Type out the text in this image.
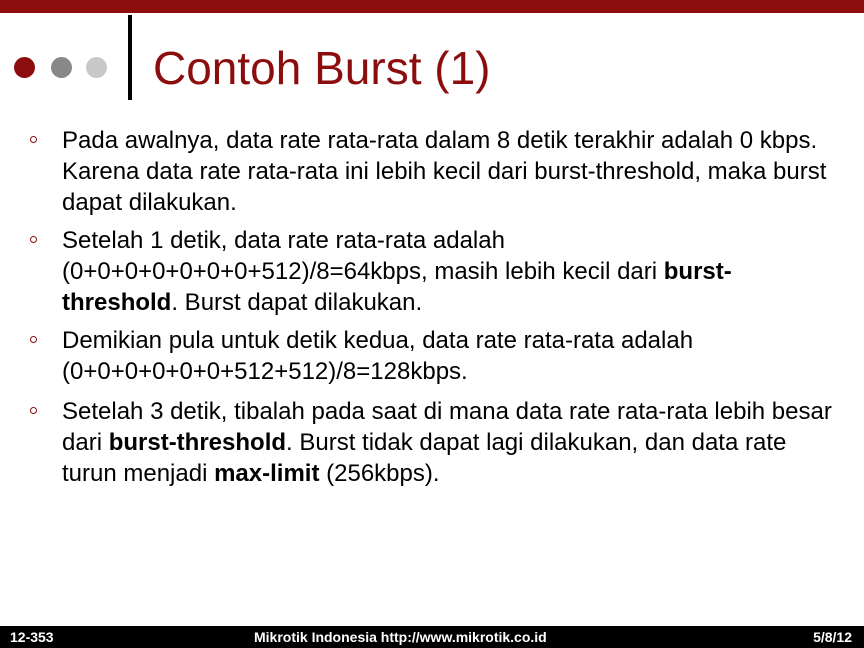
Contoh Burst (1)
Pada awalnya, data rate rata-rata dalam 8 detik terakhir adalah 0 kbps. Karena data rate rata-rata ini lebih kecil dari burst-threshold, maka burst dapat dilakukan.
Setelah 1 detik, data rate rata-rata adalah (0+0+0+0+0+0+0+512)/8=64kbps, masih lebih kecil dari burst-threshold. Burst dapat dilakukan.
Demikian pula untuk detik kedua, data rate rata-rata adalah (0+0+0+0+0+0+512+512)/8=128kbps.
Setelah 3 detik, tibalah pada saat di mana data rate rata-rata lebih besar dari burst-threshold. Burst tidak dapat lagi dilakukan, dan data rate turun menjadi max-limit (256kbps).
12-353	Mikrotik Indonesia http://www.mikrotik.co.id	5/8/12
